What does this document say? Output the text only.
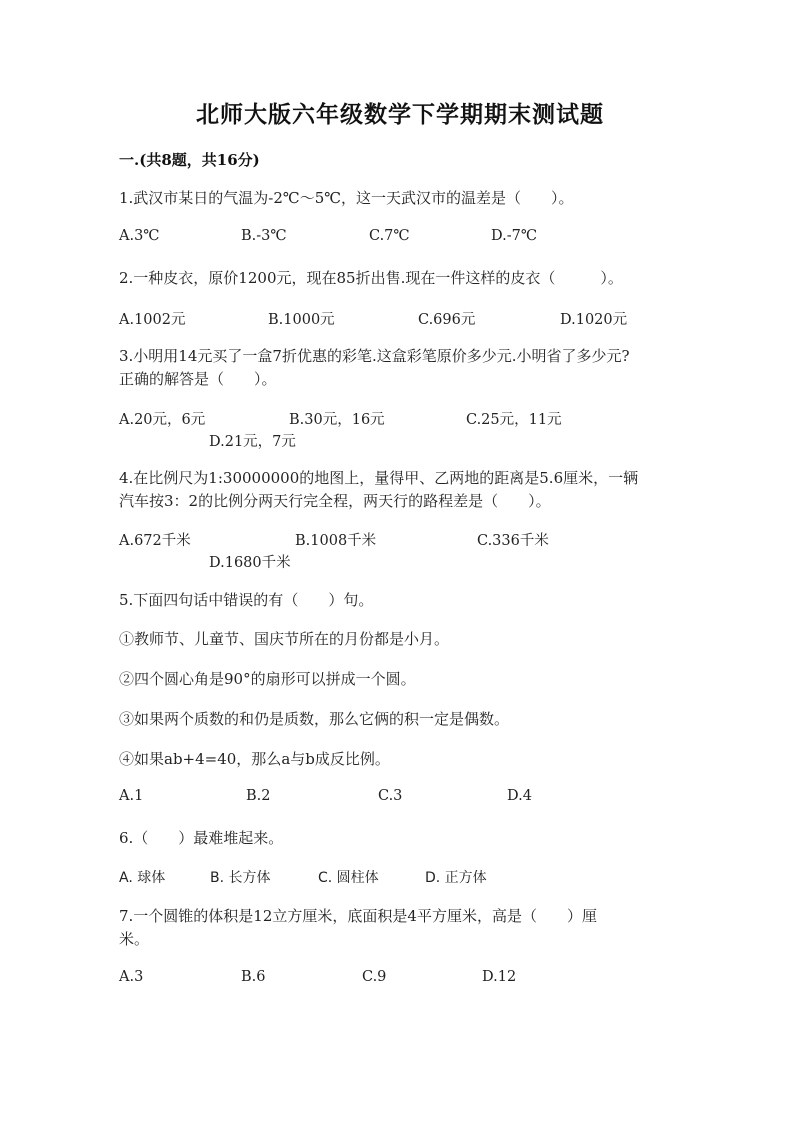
北师大版六年级数学下学期期末测试题
一.(共8题，共16分)
1.武汉市某日的气温为-2℃～5℃，这一天武汉市的温差是（　　）。
A.3℃	B.-3℃	C.7℃	D.-7℃
2.一种皮衣，原价1200元，现在85折出售.现在一件这样的皮衣（　　　）。
A.1002元	B.1000元	C.696元	D.1020元
3.小明用14元买了一盒7折优惠的彩笔.这盒彩笔原价多少元.小明省了多少元?
正确的解答是（　　）。
A.20元，6元	B.30元，16元	C.25元，11元
D.21元，7元
4.在比例尺为1:30000000的地图上，量得甲、乙两地的距离是5.6厘米，一辆
汽车按3：2的比例分两天行完全程，两天行的路程差是（　　）。
A.672千米	B.1008千米	C.336千米
D.1680千米
5.下面四句话中错误的有（　　）句。
①教师节、儿童节、国庆节所在的月份都是小月。
②四个圆心角是90°的扇形可以拼成一个圆。
③如果两个质数的和仍是质数，那么它俩的积一定是偶数。
④如果ab+4=40，那么a与b成反比例。
A.1	B.2	C.3	D.4
6.（　　）最难堆起来。
A. 球体	B. 长方体	C. 圆柱体	D. 正方体
7.一个圆锥的体积是12立方厘米，底面积是4平方厘米，高是（　　）厘
米。
A.3	B.6	C.9	D.12
